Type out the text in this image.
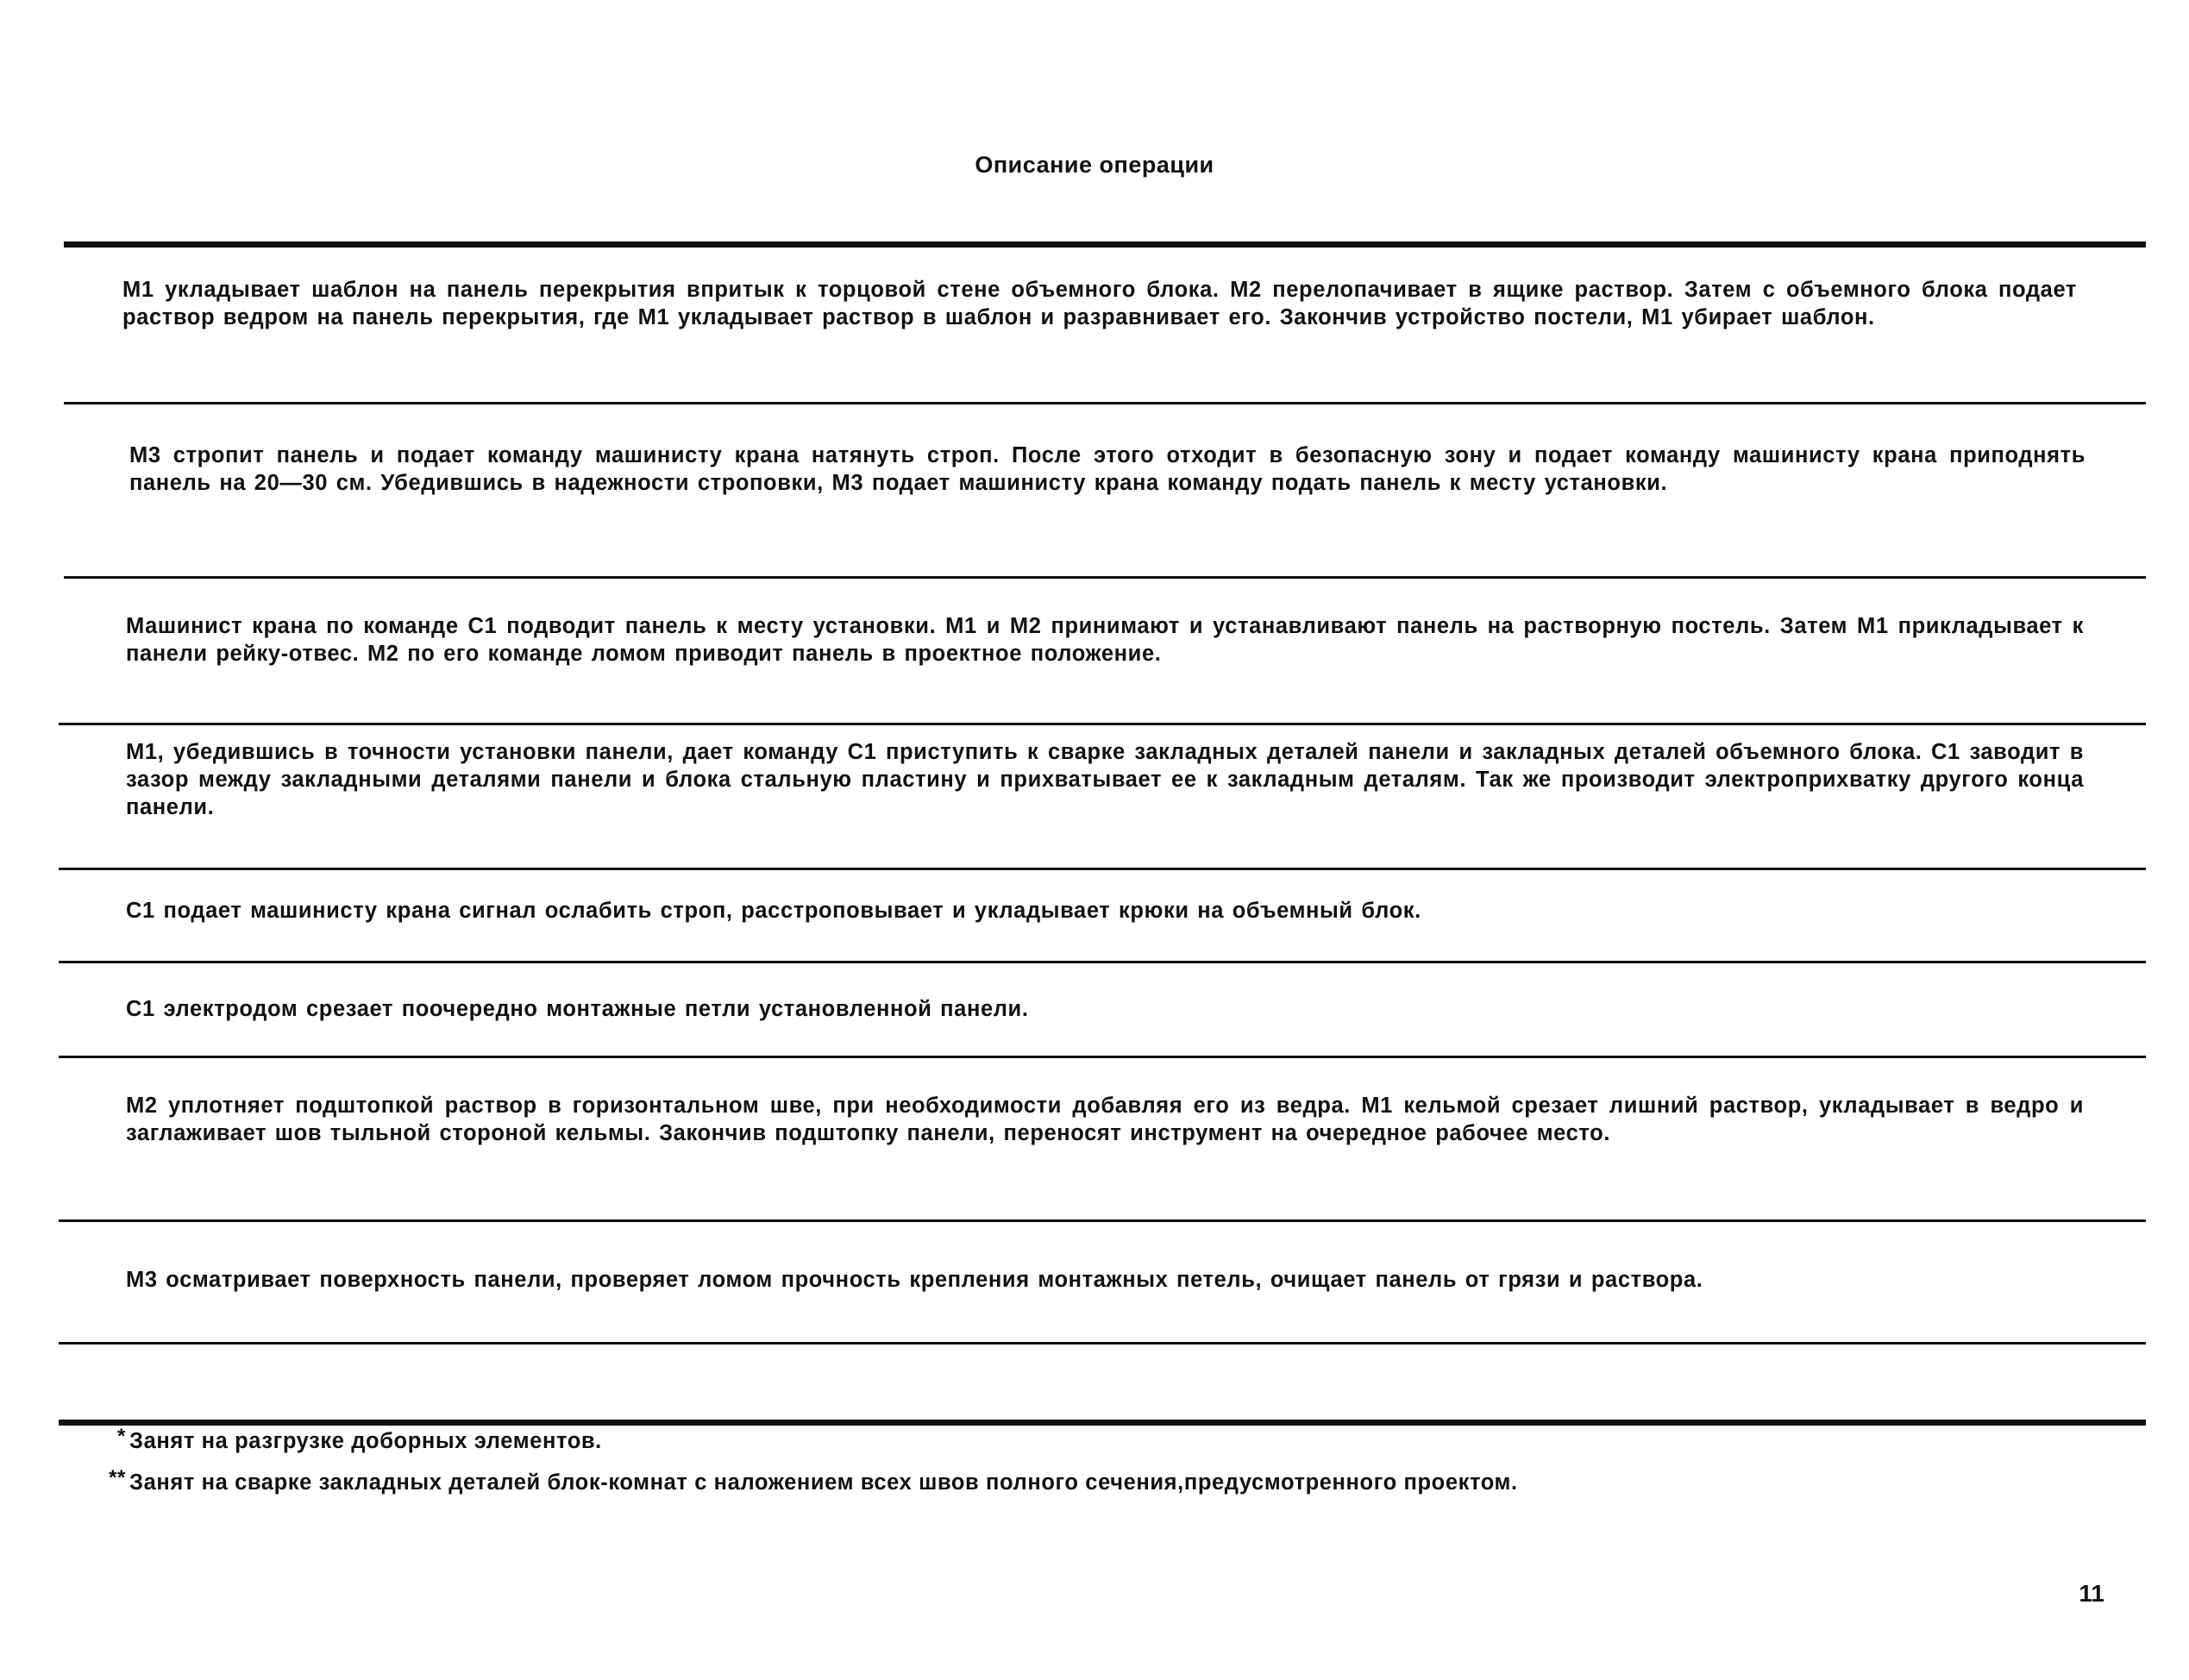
Описание операции
М1 укладывает шаблон на панель перекрытия впритык к торцовой стене объемного блока. М2 перелопачивает в ящике раствор. Затем с объемного блока подает раствор ведром на панель перекрытия, где М1 укладывает раствор в шаблон и разравнивает его. Закончив устройство постели, М1 убирает шаблон.
М3 стропит панель и подает команду машинисту крана натянуть строп. После этого отходит в безопасную зону и подает команду машинисту крана приподнять панель на 20—30 см. Убедившись в надежности строповки, М3 подает машинисту крана команду подать панель к месту установки.
Машинист крана по команде С1 подводит панель к месту установки. М1 и М2 принимают и устанавливают панель на растворную постель. Затем М1 прикладывает к панели рейку-отвес. М2 по его команде ломом приводит панель в проектное положение.
М1, убедившись в точности установки панели, дает команду С1 приступить к сварке закладных деталей панели и закладных деталей объемного блока. С1 заводит в зазор между закладными деталями панели и блока стальную пластину и прихватывает ее к закладным деталям. Так же производит электроприхватку другого конца панели.
С1 подает машинисту крана сигнал ослабить строп, расстроповывает и укладывает крюки на объемный блок.
С1 электродом срезает поочередно монтажные петли установленной панели.
М2 уплотняет подштопкой раствор в горизонтальном шве, при необходимости добавляя его из ведра. М1 кельмой срезает лишний раствор, укладывает в ведро и заглаживает шов тыльной стороной кельмы. Закончив подштопку панели, переносят инструмент на очередное рабочее место.
М3 осматривает поверхность панели, проверяет ломом прочность крепления монтажных петель, очищает панель от грязи и раствора.
* Занят на разгрузке доборных элементов.
** Занят на сварке закладных деталей блок-комнат с наложением всех швов полного сечения,предусмотренного проектом.
11
